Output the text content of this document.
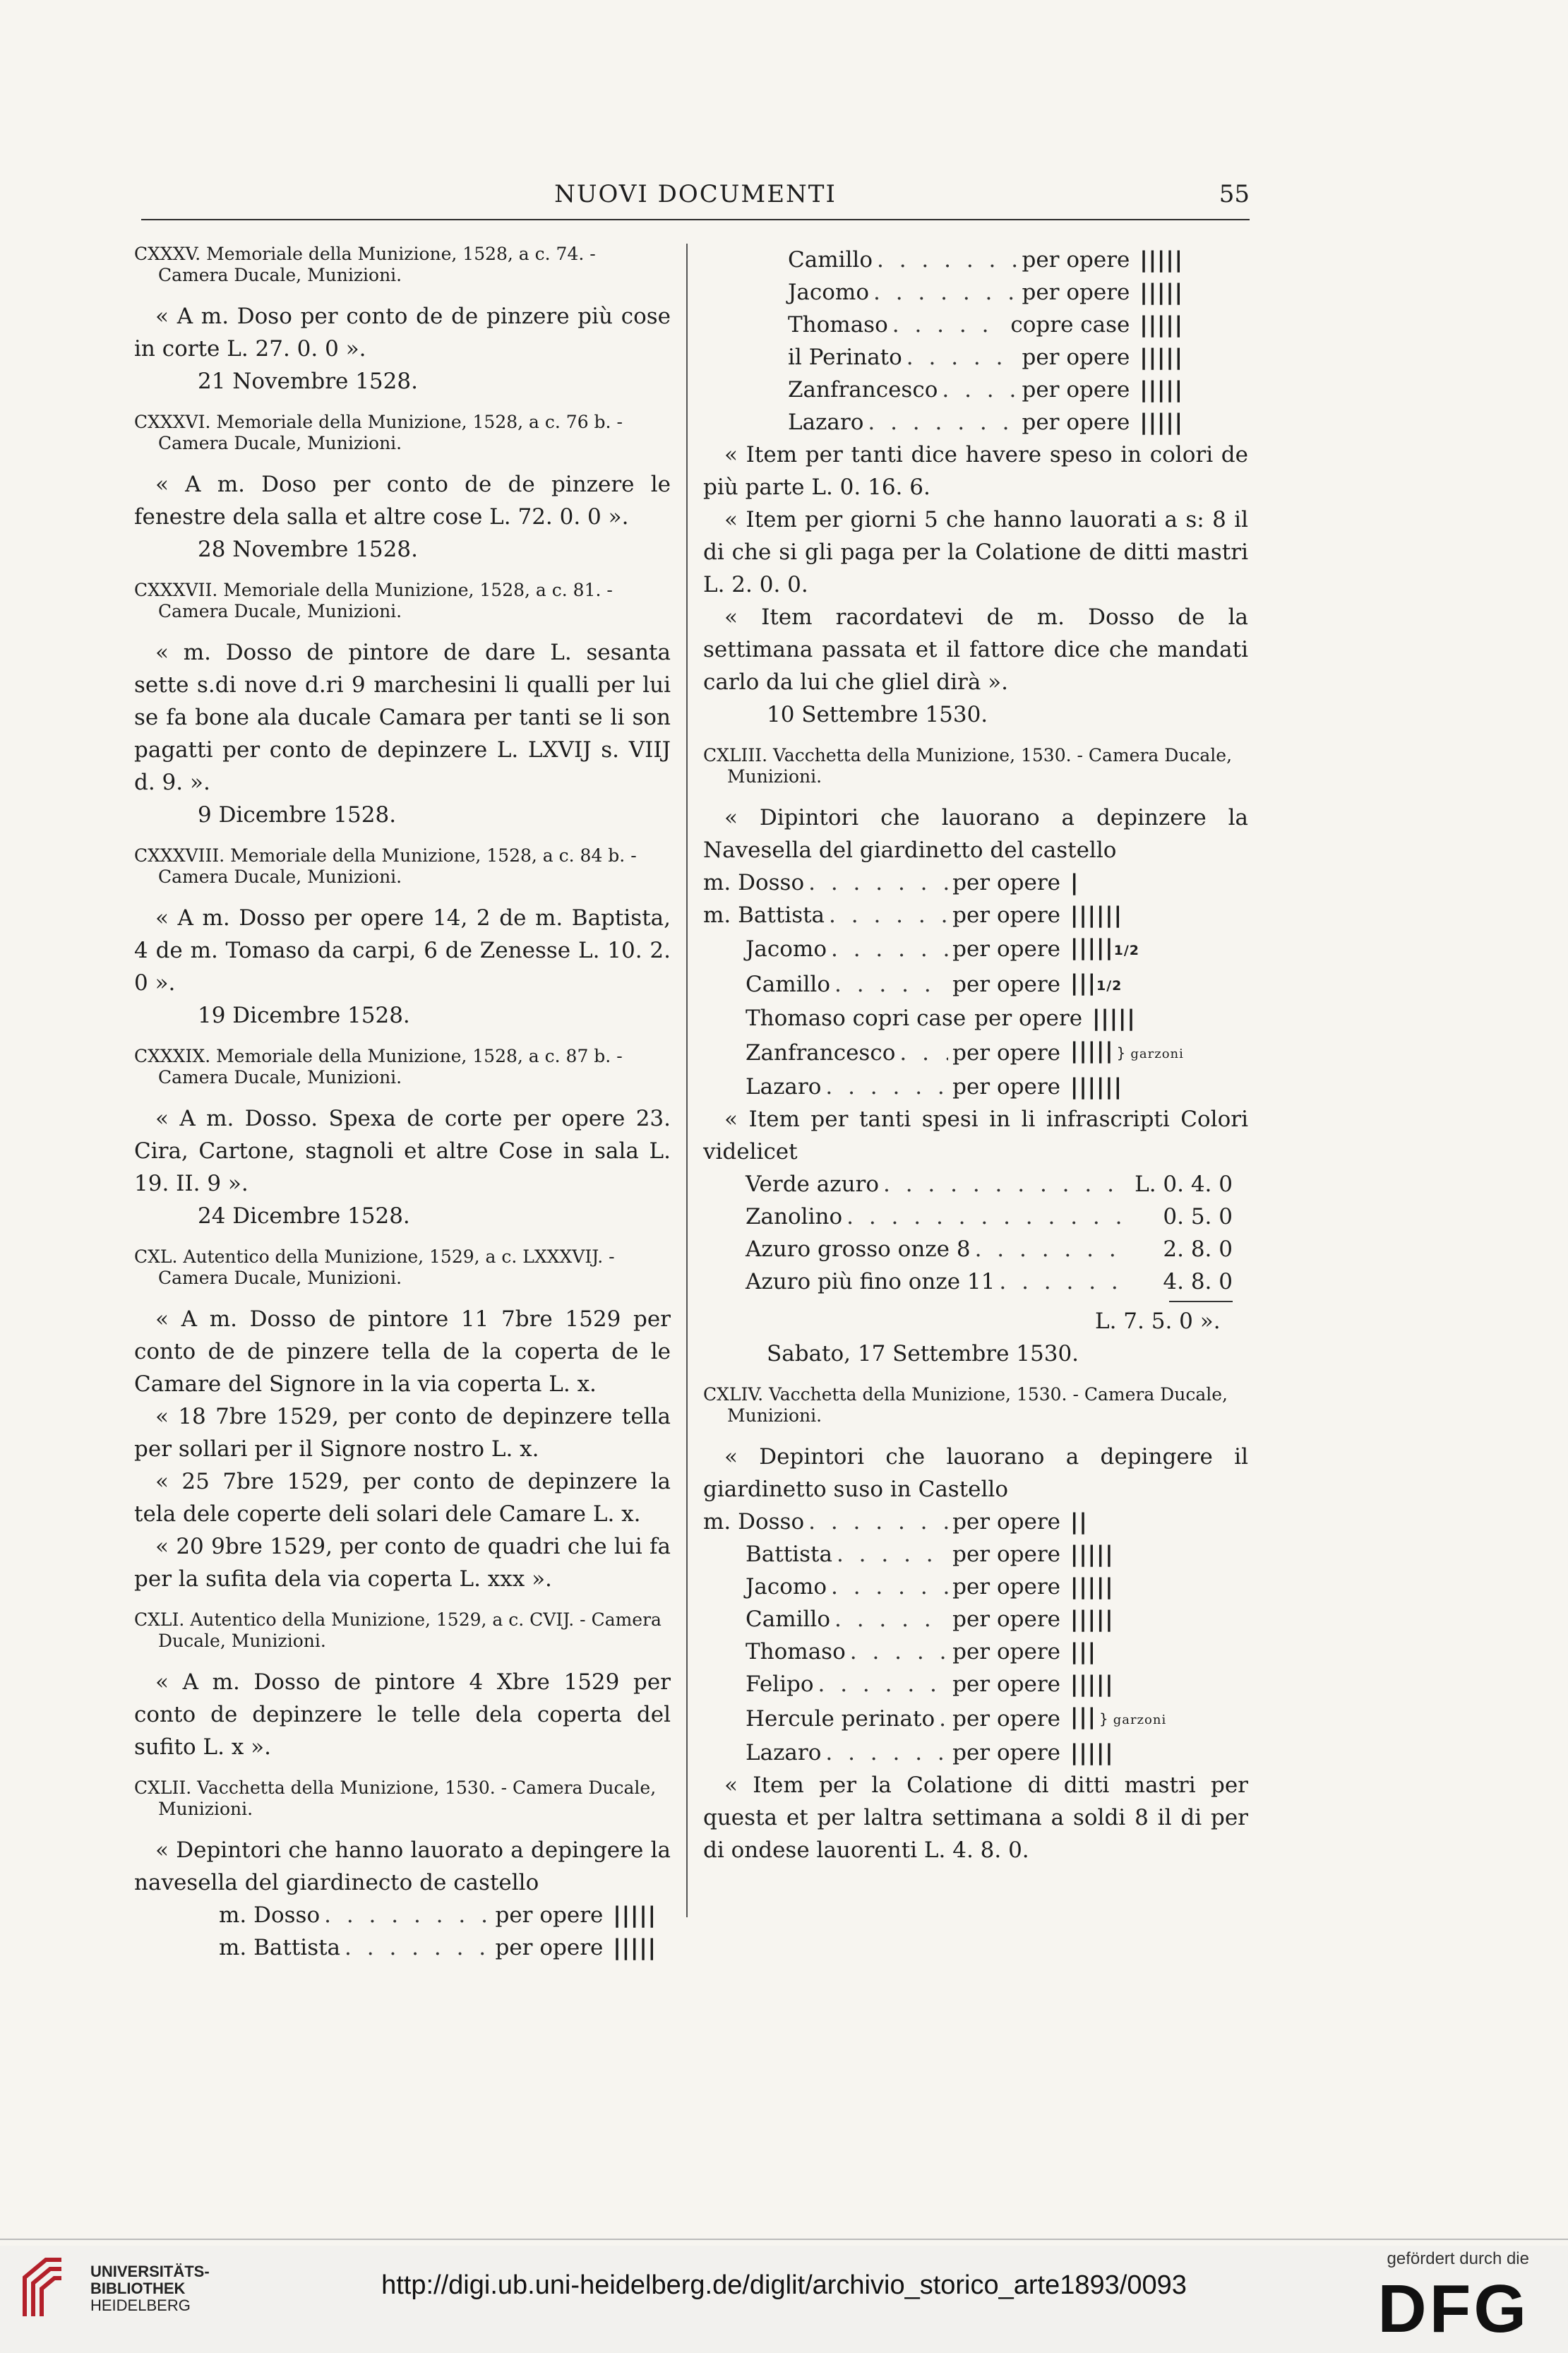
NUOVI DOCUMENTI	55
CXXXV. Memoriale della Munizione, 1528, a c. 74. - Camera Ducale, Munizioni.

« A m. Doso per conto de de pinzere più cose in corte L. 27. 0. 0 ».

21 Novembre 1528.
CXXXVI. Memoriale della Munizione, 1528, a c. 76 b. - Camera Ducale, Munizioni.

« A m. Doso per conto de de pinzere le fenestre dela salla et altre cose L. 72. 0. 0 ».

28 Novembre 1528.
CXXXVII. Memoriale della Munizione, 1528, a c. 81. - Camera Ducale, Munizioni.

« m. Dosso de pintore de dare L. sesanta sette s.di nove d.ri 9 marchesini li qualli per lui se fa bone ala ducale Camara per tanti se li son pagatti per conto de depinzere L. LXVIJ s. VIIJ d. 9. ».

9 Dicembre 1528.
CXXXVIII. Memoriale della Munizione, 1528, a c. 84 b. - Camera Ducale, Munizioni.

« A m. Dosso per opere 14, 2 de m. Baptista, 4 de m. Tomaso da carpi, 6 de Zenesse L. 10. 2. 0 ».

19 Dicembre 1528.
CXXXIX. Memoriale della Munizione, 1528, a c. 87 b. - Camera Ducale, Munizioni.

« A m. Dosso. Spexa de corte per opere 23. Cira, Cartone, stagnoli et altre Cose in sala L. 19. II. 9 ».

24 Dicembre 1528.
CXL. Autentico della Munizione, 1529, a c. LXXXVIJ. - Camera Ducale, Munizioni.

« A m. Dosso de pintore 11 7bre 1529 per conto de de pinzere tella de la coperta de le Camare del Signore in la via coperta L. x.

« 18 7bre 1529, per conto de depinzere tella per sollari per il Signore nostro L. x.

« 25 7bre 1529, per conto de depinzere la tela dele coperte deli solari dele Camare L. x.

« 20 9bre 1529, per conto de quadri che lui fa per la sufita dela via coperta L. xxx ».

CXLI. Autentico della Munizione, 1529, a c. CVIJ. - Camera Ducale, Munizioni.

« A m. Dosso de pintore 4 Xbre 1529 per conto de depinzere le telle dela coperta del sufito L. x ».

CXLII. Vacchetta della Munizione, 1530. - Camera Ducale, Munizioni.

« Depintori che hanno lauorato a depingere la navesella del giardinecto de castello

m. Dosso . . .	per opere |||||
m. Battista . . .	per opere |||||
Camillo . . .	per opere |||||
Jacomo . . .	per opere |||||
Thomaso . . .	copre case |||||
il Perinato . . .	per opere |||||
Zanfrancesco . . .	per opere |||||
Lazaro . . .	per opere |||||

« Item per tanti dice havere speso in colori de più parte L. 0. 16. 6.

« Item per giorni 5 che hanno lauorati a s: 8 il di che si gli paga per la Colatione de ditti mastri L. 2. 0. 0.

« Item racordatevi de m. Dosso de la settimana passata et il fattore dice che mandati carlo da lui che gliel dirà ».

10 Settembre 1530.
CXLIII. Vacchetta della Munizione, 1530. - Camera Ducale, Munizioni.

« Dipintori che lauorano a depinzere la Navesella del giardinetto del castello

m. Dosso . . .	per opere |
m. Battista . . .	per opere ||||||
Jacomo . . .	per opere |||||1/2
Camillo . . .	per opere |||1/2
Thomaso copri case per opere |||||
Zanfrancesco . . .	per opere ||||| } garzoni
Lazaro . . .	per opere ||||||

« Item per tanti spesi in li infrascripti Colori videlicet

Verde azuro . . .	L. 0. 4. 0
Zanolino . . .	0. 5. 0
Azuro grosso onze 8 . . .	2. 8. 0
Azuro più fino onze 11 . . .	4. 8. 0
L. 7. 5. 0 ».
Sabato, 17 Settembre 1530.
CXLIV. Vacchetta della Munizione, 1530. - Camera Ducale, Munizioni.

« Depintori che lauorano a depingere il giardinetto suso in Castello

m. Dosso . . .	per opere ||
Battista . . .	per opere |||||
Jacomo . . .	per opere |||||
Camillo . . .	per opere |||||
Thomaso . . .	per opere |||
Felipo . . .	per opere |||||
Hercule perinato . . . per opere ||| } garzoni
Lazaro . . .	per opere |||||

« Item per la Colatione di ditti mastri per questa et per laltra settimana a soldi 8 il di per di ondese lauorenti L. 4. 8. 0.

UNIVERSITÄTS-
BIBLIOTHEK
HEIDELBERG
http://digi.ub.uni-heidelberg.de/diglit/archivio_storico_arte1893/0093
gefördert durch die
DFG
